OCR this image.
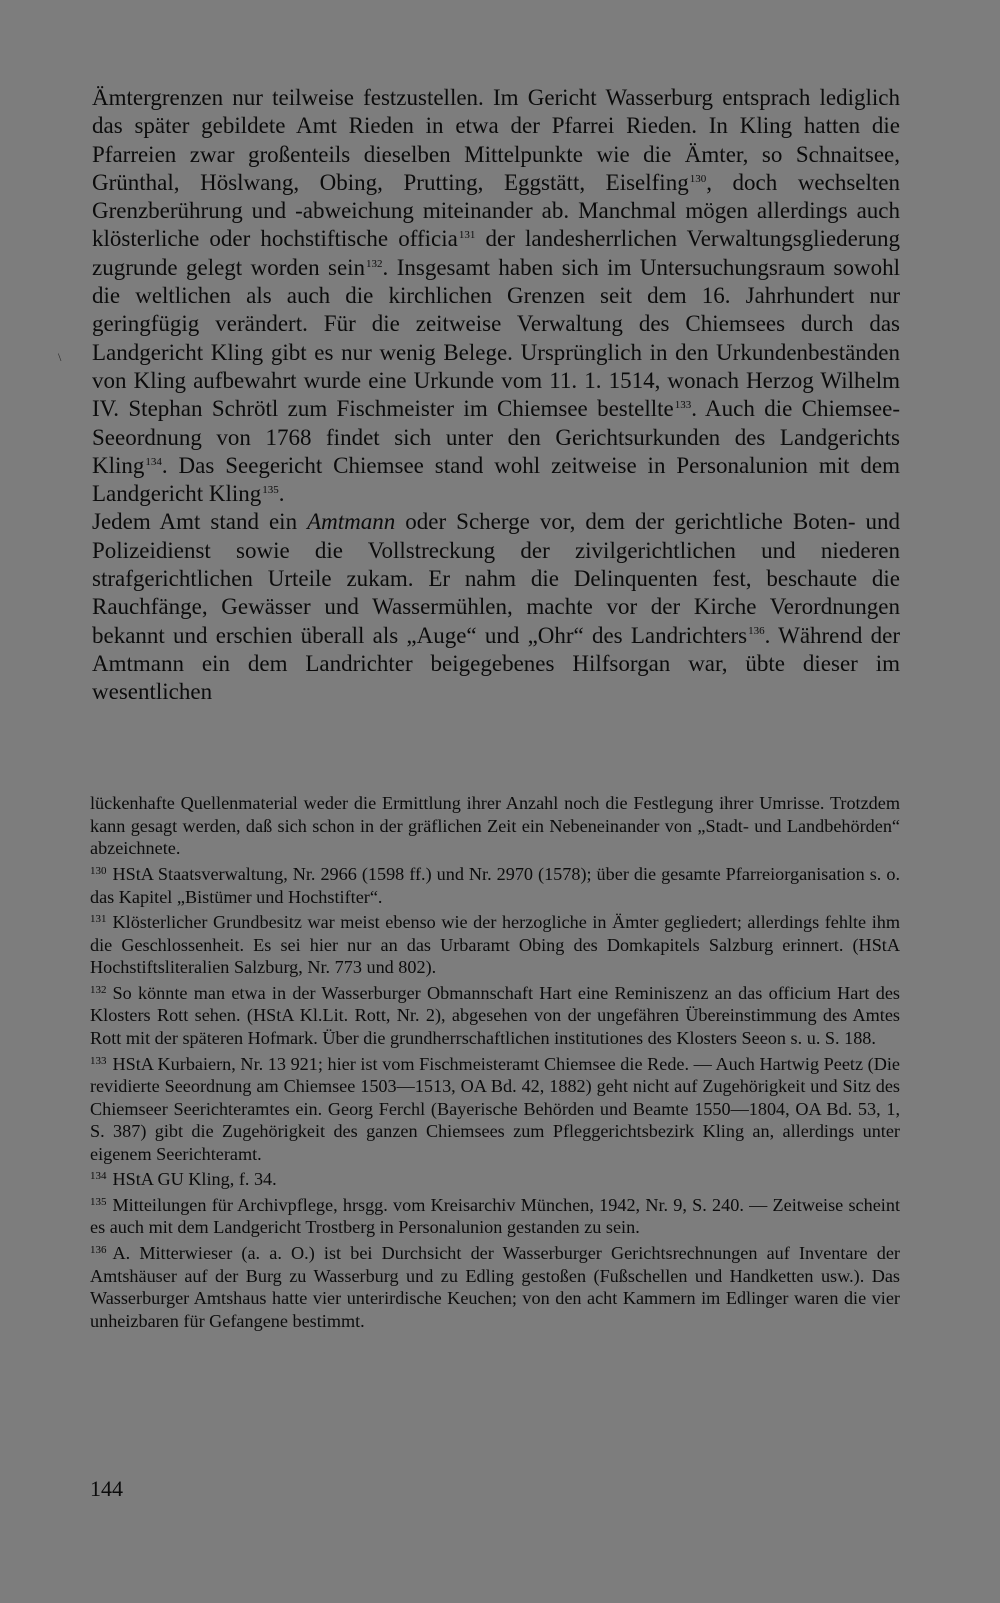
\

Ämtergrenzen nur teilweise festzustellen. Im Gericht Wasserburg entsprach lediglich das später gebildete Amt Rieden in etwa der Pfarrei Rieden. In Kling hatten die Pfarreien zwar großenteils dieselben Mittelpunkte wie die Ämter, so Schnaitsee, Grünthal, Höslwang, Obing, Prutting, Eggstätt, Eiselfing$^{130}$, doch wechselten Grenzberührung und -abweichung miteinander ab. Manchmal mögen allerdings auch klösterliche oder hochstiftische officia$^{131}$ der landesherrlichen Verwaltungsgliederung zugrunde gelegt worden sein$^{132}$. Insgesamt haben sich im Untersuchungsraum sowohl die weltlichen als auch die kirchlichen Grenzen seit dem 16. Jahrhundert nur geringfügig verändert. Für die zeitweise Verwaltung des Chiemsees durch das Landgericht Kling gibt es nur wenig Belege. Ursprünglich in den Urkundenbeständen von Kling aufbewahrt wurde eine Urkunde vom 11. 1. 1514, wonach Herzog Wilhelm IV. Stephan Schrötl zum Fischmeister im Chiemsee bestellte$^{133}$. Auch die Chiemsee-Seeordnung von 1768 findet sich unter den Gerichtsurkunden des Landgerichts Kling$^{134}$. Das Seegericht Chiemsee stand wohl zeitweise in Personalunion mit dem Landgericht Kling$^{135}$.

Jedem Amt stand ein Amtmann oder Scherge vor, dem der gerichtliche Boten- und Polizeidienst sowie die Vollstreckung der zivilgerichtlichen und niederen strafgerichtlichen Urteile zukam. Er nahm die Delinquenten fest, beschaute die Rauchfänge, Gewässer und Wassermühlen, machte vor der Kirche Verordnungen bekannt und erschien überall als „Auge“ und „Ohr“ des Landrichters$^{136}$. Während der Amtmann ein dem Landrichter beigegebenes Hilfsorgan war, übte dieser im wesentlichen

lückenhafte Quellenmaterial weder die Ermittlung ihrer Anzahl noch die Festlegung ihrer Umrisse. Trotzdem kann gesagt werden, daß sich schon in der gräflichen Zeit ein Nebeneinander von „Stadt- und Landbehörden“ abzeichnete.

$^{130}$ HStA Staatsverwaltung, Nr. 2966 (1598 ff.) und Nr. 2970 (1578); über die gesamte Pfarreiorganisation s. o. das Kapitel „Bistümer und Hochstifter“.

$^{131}$ Klösterlicher Grundbesitz war meist ebenso wie der herzogliche in Ämter gegliedert; allerdings fehlte ihm die Geschlossenheit. Es sei hier nur an das Urbaramt Obing des Domkapitels Salzburg erinnert. (HStA Hochstiftsliteralien Salzburg, Nr. 773 und 802).

$^{132}$ So könnte man etwa in der Wasserburger Obmannschaft Hart eine Reminiszenz an das officium Hart des Klosters Rott sehen. (HStA Kl.Lit. Rott, Nr. 2), abgesehen von der ungefähren Übereinstimmung des Amtes Rott mit der späteren Hofmark. Über die grundherrschaftlichen institutiones des Klosters Seeon s. u. S. 188.

$^{133}$ HStA Kurbaiern, Nr. 13 921; hier ist vom Fischmeisteramt Chiemsee die Rede. — Auch Hartwig Peetz (Die revidierte Seeordnung am Chiemsee 1503—1513, OA Bd. 42, 1882) geht nicht auf Zugehörigkeit und Sitz des Chiemseer Seerichteramtes ein. Georg Ferchl (Bayerische Behörden und Beamte 1550—1804, OA Bd. 53, 1, S. 387) gibt die Zugehörigkeit des ganzen Chiemsees zum Pfleggerichtsbezirk Kling an, allerdings unter eigenem Seerichteramt.

$^{134}$ HStA GU Kling, f. 34.

$^{135}$ Mitteilungen für Archivpflege, hrsgg. vom Kreisarchiv München, 1942, Nr. 9, S. 240. — Zeitweise scheint es auch mit dem Landgericht Trostberg in Personalunion gestanden zu sein.

$^{136}$ A. Mitterwieser (a. a. O.) ist bei Durchsicht der Wasserburger Gerichtsrechnungen auf Inventare der Amtshäuser auf der Burg zu Wasserburg und zu Edling gestoßen (Fußschellen und Handketten usw.). Das Wasserburger Amtshaus hatte vier unterirdische Keuchen; von den acht Kammern im Edlinger waren die vier unheizbaren für Gefangene bestimmt.

144
